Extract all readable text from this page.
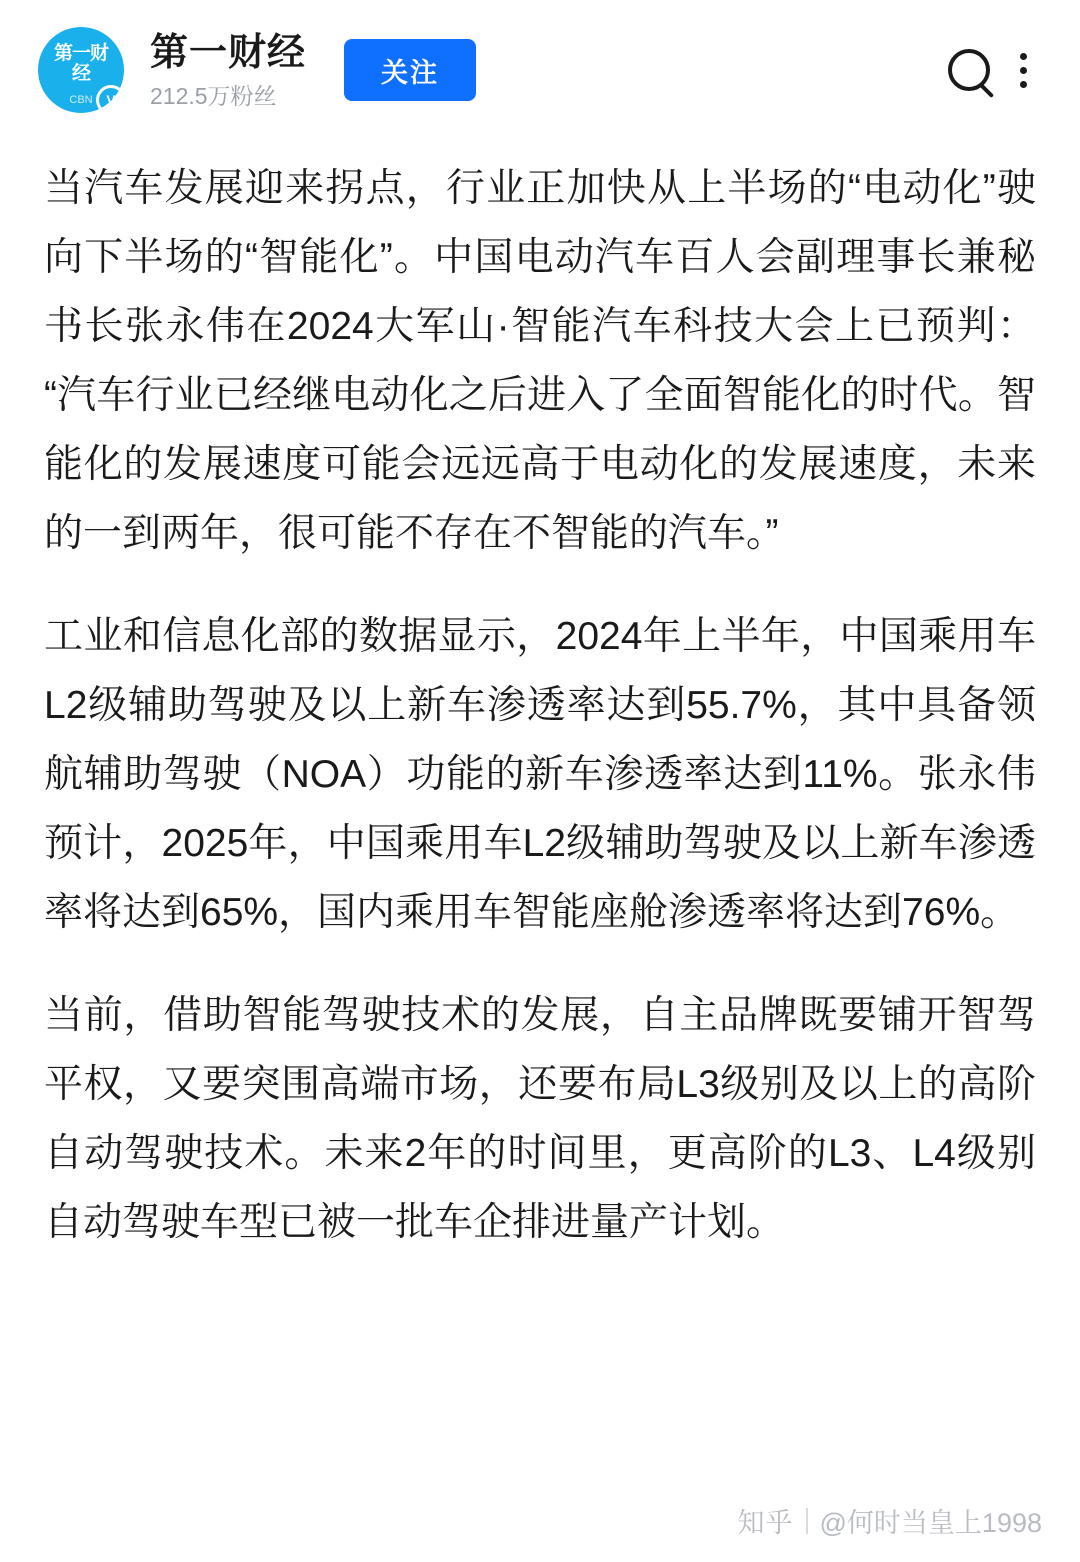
第一财经
CBN V
第一财经
212.5万粉丝
关注

当汽车发展迎来拐点，行业正加快从上半场的“电动化”驶向下半场的“智能化”。中国电动汽车百人会副理事长兼秘书长张永伟在2024大军山·智能汽车科技大会上已预判：“汽车行业已经继电动化之后进入了全面智能化的时代。智能化的发展速度可能会远远高于电动化的发展速度，未来的一到两年，很可能不存在不智能的汽车。”

工业和信息化部的数据显示，2024年上半年，中国乘用车L2级辅助驾驶及以上新车渗透率达到55.7%，其中具备领航辅助驾驶（NOA）功能的新车渗透率达到11%。张永伟预计，2025年，中国乘用车L2级辅助驾驶及以上新车渗透率将达到65%，国内乘用车智能座舱渗透率将达到76%。

当前，借助智能驾驶技术的发展，自主品牌既要铺开智驾平权，又要突围高端市场，还要布局L3级别及以上的高阶自动驾驶技术。未来2年的时间里，更高阶的L3、L4级别自动驾驶车型已被一批车企排进量产计划。

知乎 @何时当皇上1998
